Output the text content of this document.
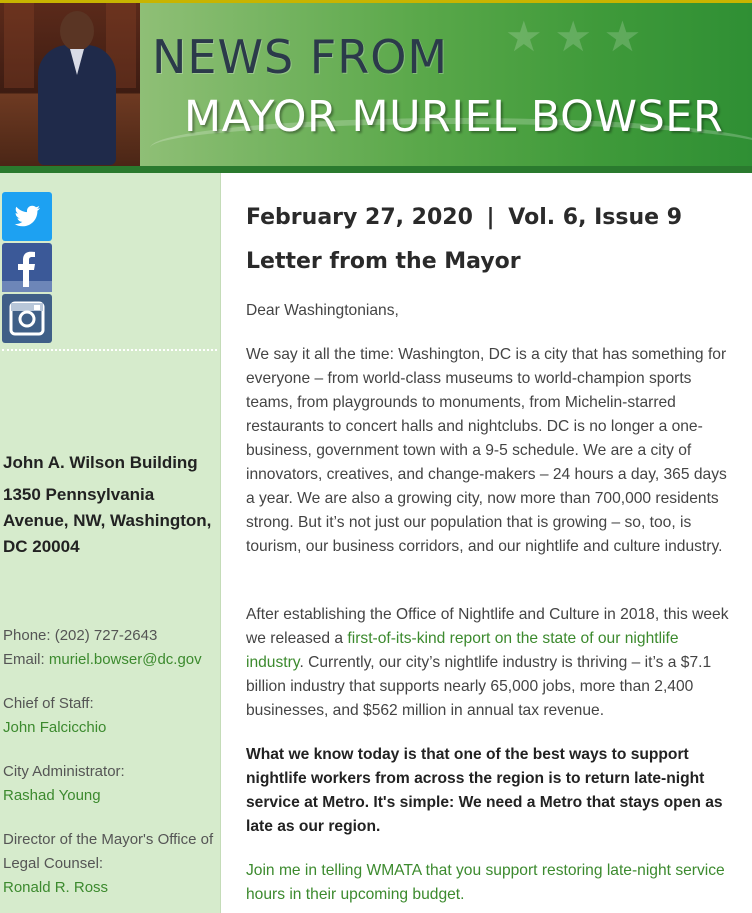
★ ★ ★
NEWS FROM
MAYOR MURIEL BOWSER
John A. Wilson Building
1350 Pennsylvania Avenue, NW, Washington, DC 20004
Phone: (202) 727-2643
Email: muriel.bowser@dc.gov
Chief of Staff:
John Falcicchio
City Administrator:
Rashad Young
Director of the Mayor's Office of Legal Counsel:
Ronald R. Ross
February 27, 2020 | Vol. 6, Issue 9
Letter from the Mayor
Dear Washingtonians,
We say it all the time: Washington, DC is a city that has something for everyone – from world-class museums to world-champion sports teams, from playgrounds to monuments, from Michelin-starred restaurants to concert halls and nightclubs. DC is no longer a one-business, government town with a 9-5 schedule. We are a city of innovators, creatives, and change-makers – 24 hours a day, 365 days a year. We are also a growing city, now more than 700,000 residents strong. But it’s not just our population that is growing – so, too, is tourism, our business corridors, and our nightlife and culture industry.
After establishing the Office of Nightlife and Culture in 2018, this week we released a first-of-its-kind report on the state of our nightlife industry. Currently, our city’s nightlife industry is thriving – it’s a $7.1 billion industry that supports nearly 65,000 jobs, more than 2,400 businesses, and $562 million in annual tax revenue.
What we know today is that one of the best ways to support nightlife workers from across the region is to return late-night service at Metro. It's simple: We need a Metro that stays open as late as our region.
Join me in telling WMATA that you support restoring late-night service hours in their upcoming budget.
